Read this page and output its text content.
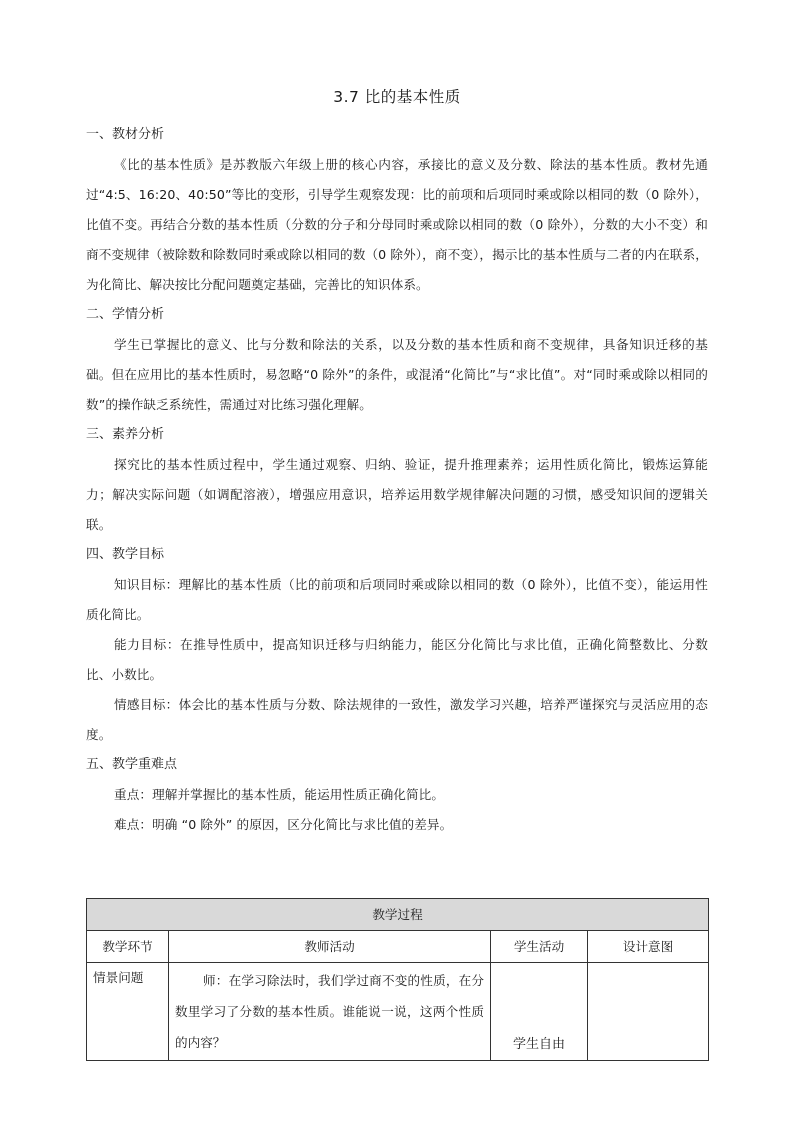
3.7 比的基本性质
一、教材分析

《比的基本性质》是苏教版六年级上册的核心内容，承接比的意义及分数、除法的基本性质。教材先通过“4:5、16:20、40:50”等比的变形，引导学生观察发现：比的前项和后项同时乘或除以相同的数（0 除外），比值不变。再结合分数的基本性质（分数的分子和分母同时乘或除以相同的数（0 除外），分数的大小不变）和商不变规律（被除数和除数同时乘或除以相同的数（0 除外），商不变），揭示比的基本性质与二者的内在联系，为化简比、解决按比分配问题奠定基础，完善比的知识体系。

二、学情分析

学生已掌握比的意义、比与分数和除法的关系，以及分数的基本性质和商不变规律，具备知识迁移的基础。但在应用比的基本性质时，易忽略“0 除外”的条件，或混淆“化简比”与“求比值”。对“同时乘或除以相同的数”的操作缺乏系统性，需通过对比练习强化理解。

三、素养分析

探究比的基本性质过程中，学生通过观察、归纳、验证，提升推理素养；运用性质化简比，锻炼运算能力；解决实际问题（如调配溶液），增强应用意识，培养运用数学规律解决问题的习惯，感受知识间的逻辑关联。

四、教学目标

知识目标：理解比的基本性质（比的前项和后项同时乘或除以相同的数（0 除外），比值不变），能运用性质化简比。

能力目标：在推导性质中，提高知识迁移与归纳能力，能区分化简比与求比值，正确化简整数比、分数比、小数比。

情感目标：体会比的基本性质与分数、除法规律的一致性，激发学习兴趣，培养严谨探究与灵活应用的态度。

五、教学重难点

重点：理解并掌握比的基本性质，能运用性质正确化简比。

难点：明确 “0 除外” 的原因，区分化简比与求比值的差异。

教学过程			
教学环节	教师活动	学生活动	设计意图
情景问题	师：在学习除法时，我们学过商不变的性质，在分数里学习了分数的基本性质。谁能说一说，这两个性质的内容？	学生自由	
